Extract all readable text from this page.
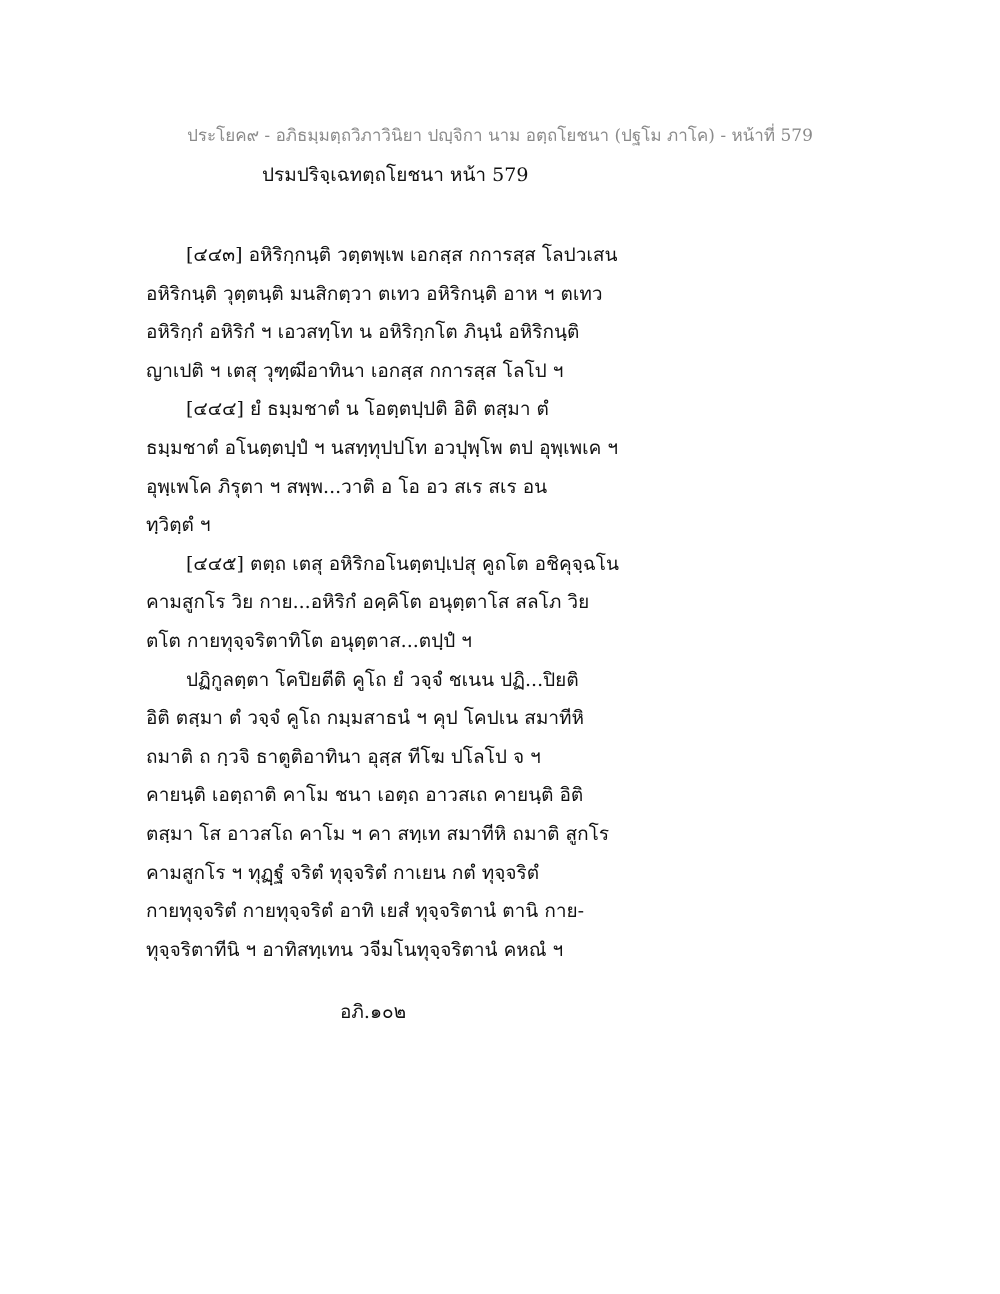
ประโยค๙ - อภิธมฺมตฺถวิภาวินิยา ปญฺจิกา นาม อตฺถโยชนา (ปฐโม ภาโค) - หน้าที่ 579
ปรมปริจฺเฉทตฺถโยชนา หน้า 579
[๔๔๓] อหิริกฺกนฺติ วตฺตพฺเพ เอกสฺส กการสฺส โลปวเสน
อหิริกนฺติ วุตฺตนฺติ มนสิกตฺวา ตเทว อหิริกนฺติ อาห ฯ ตเทว
อหิริกฺกํ อหิริกํ ฯ เอวสทฺโท น อหิริกฺกโต ภินฺนํ อหิริกนฺติ
ญาเปติ ฯ เตสุ วุฑฺฒีอาทินา เอกสฺส กการสฺส โลโป ฯ
[๔๔๔] ยํ ธมฺมชาตํ น โอตฺตปฺปติ อิติ ตสฺมา ตํ
ธมฺมชาตํ อโนตฺตปฺปํ ฯ นสทฺทุปปโท อวปุพฺโพ ตป อุพฺเพเค ฯ
อุพฺเพโค ภิรุตา ฯ สพฺพ...วาติ อ โอ อว สเร สเร อน
ทฺวิตฺตํ ฯ
[๔๔๕] ตตฺถ เตสุ อหิริกอโนตฺตปฺเปสุ คูถโต อชิคุจฺฉโน
คามสูกโร วิย กาย...อหิริกํ อคฺคิโต อนุตฺตาโส สลโภ วิย
ตโต กายทุจฺจริตาทิโต อนุตฺตาส...ตปฺปํ ฯ
ปฏิกูลตฺตา โคปิยตีติ คูโถ ยํ วจฺจํ ชเนน ปฏิ...ปิยติ
อิติ ตสฺมา ตํ วจฺจํ คูโถ กมฺมสาธนํ ฯ คุป โคปเน สมาทีหิ
ถมาติ ถ กฺวจิ ธาตูติอาทินา อุสฺส ทีโฆ ปโลโป จ ฯ
คายนฺติ เอตฺถาติ คาโม ชนา เอตฺถ อาวสเถ คายนฺติ อิติ
ตสฺมา โส อาวสโถ คาโม ฯ คา สทฺเท สมาทีหิ ถมาติ สูกโร
คามสูกโร ฯ ทุฏฺฐํ จริตํ ทุจฺจริตํ กาเยน กตํ ทุจฺจริตํ
กายทุจฺจริตํ กายทุจฺจริตํ อาทิ เยสํ ทุจฺจริตานํ ตานิ กาย-
ทุจฺจริตาทีนิ ฯ อาทิสทฺเทน วจีมโนทุจฺจริตานํ คหณํ ฯ
อภิ.๑๐๒
